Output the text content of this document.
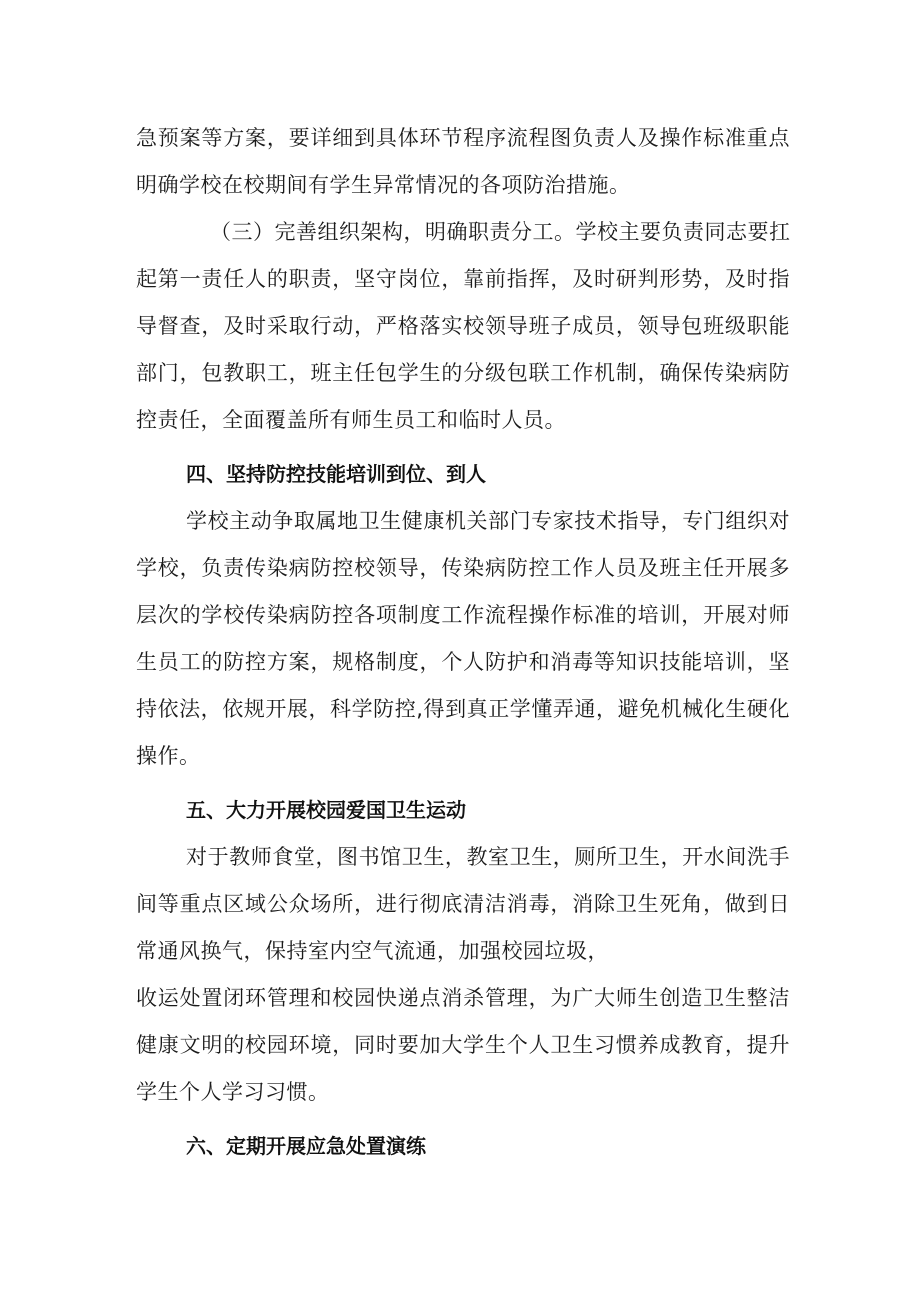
急预案等方案，要详细到具体环节程序流程图负责人及操作标准重点
明确学校在校期间有学生异常情况的各项防治措施。
（三）完善组织架构，明确职责分工。学校主要负责同志要扛
起第一责任人的职责，坚守岗位，靠前指挥，及时研判形势，及时指
导督查，及时采取行动，严格落实校领导班子成员，领导包班级职能
部门，包教职工，班主任包学生的分级包联工作机制，确保传染病防
控责任，全面覆盖所有师生员工和临时人员。
四、坚持防控技能培训到位、到人
学校主动争取属地卫生健康机关部门专家技术指导，专门组织对
学校，负责传染病防控校领导，传染病防控工作人员及班主任开展多
层次的学校传染病防控各项制度工作流程操作标准的培训，开展对师
生员工的防控方案，规格制度，个人防护和消毒等知识技能培训，坚
持依法，依规开展，科学防控,得到真正学懂弄通，避免机械化生硬化
操作。
五、大力开展校园爱国卫生运动
对于教师食堂，图书馆卫生，教室卫生，厕所卫生，开水间洗手
间等重点区域公众场所，进行彻底清洁消毒，消除卫生死角，做到日
常通风换气，保持室内空气流通，加强校园垃圾，
收运处置闭环管理和校园快递点消杀管理，为广大师生创造卫生整洁
健康文明的校园环境，同时要加大学生个人卫生习惯养成教育，提升
学生个人学习习惯。
六、定期开展应急处置演练
